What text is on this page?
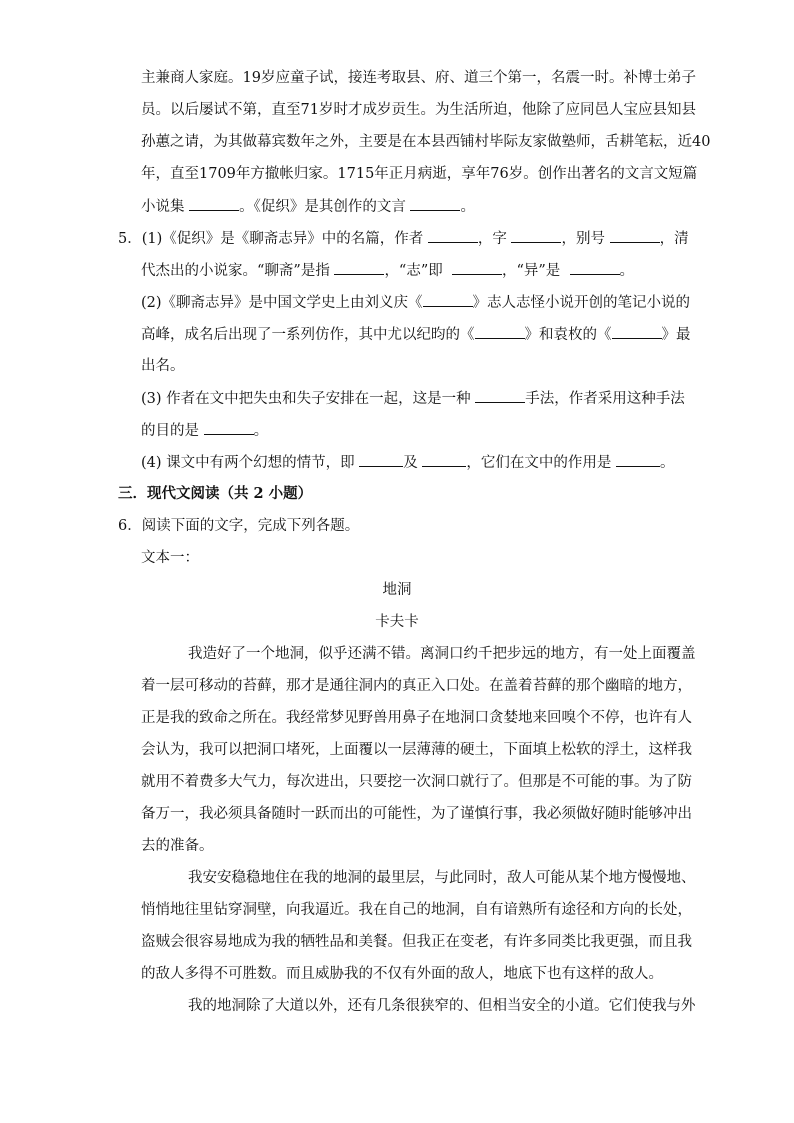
主兼商人家庭。19岁应童子试，接连考取县、府、道三个第一，名震一时。补博士弟子
员。以后屡试不第，直至71岁时才成岁贡生。为生活所迫，他除了应同邑人宝应县知县
孙蕙之请，为其做幕宾数年之外，主要是在本县西铺村毕际友家做塾师，舌耕笔耘，近40
年，直至1709年方撤帐归家。1715年正月病逝，享年76岁。创作出著名的文言文短篇
小说集	。《促织》是其创作的文言	。
5．(1)《促织》是《聊斋志异》中的名篇，作者	，字	，别号	，清
代杰出的小说家。“聊斋”是指	，“志”即	，“异”是	。
(2)《聊斋志异》是中国文学史上由刘义庆《	》志人志怪小说开创的笔记小说的
高峰，成名后出现了一系列仿作，其中尤以纪昀的《	》和袁枚的《	》最
出名。
(3) 作者在文中把失虫和失子安排在一起，这是一种	手法，作者采用这种手法
的目的是	。
(4) 课文中有两个幻想的情节，即	及	，它们在文中的作用是	。
三．现代文阅读（共 2 小题）
6．阅读下面的文字，完成下列各题。
文本一：
地洞
卡夫卡
我造好了一个地洞，似乎还满不错。离洞口约千把步远的地方，有一处上面覆盖
着一层可移动的苔藓，那才是通往洞内的真正入口处。在盖着苔藓的那个幽暗的地方，
正是我的致命之所在。我经常梦见野兽用鼻子在地洞口贪婪地来回嗅个不停，也许有人
会认为，我可以把洞口堵死，上面覆以一层薄薄的硬土，下面填上松软的浮土，这样我
就用不着费多大气力，每次进出，只要挖一次洞口就行了。但那是不可能的事。为了防
备万一，我必须具备随时一跃而出的可能性，为了谨慎行事，我必须做好随时能够冲出
去的准备。
我安安稳稳地住在我的地洞的最里层，与此同时，敌人可能从某个地方慢慢地、
悄悄地往里钻穿洞壁，向我逼近。我在自己的地洞，自有谙熟所有途径和方向的长处，
盗贼会很容易地成为我的牺牲品和美餐。但我正在变老，有许多同类比我更强，而且我
的敌人多得不可胜数。而且威胁我的不仅有外面的敌人，地底下也有这样的敌人。
我的地洞除了大道以外，还有几条很狭窄的、但相当安全的小道。它们使我与外
